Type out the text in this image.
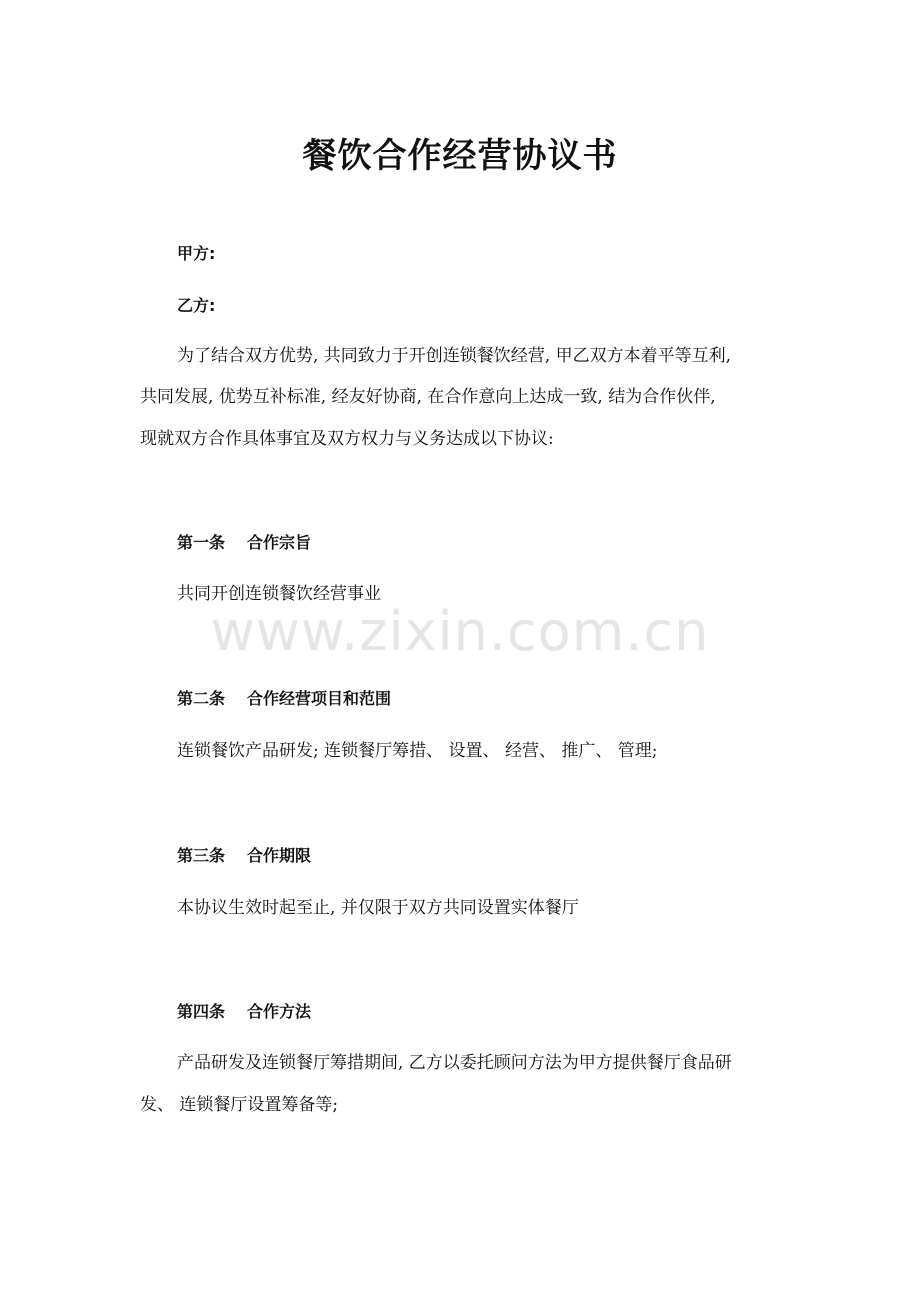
餐饮合作经营协议书
甲方:
乙方:
为了结合双方优势, 共同致力于开创连锁餐饮经营, 甲乙双方本着平等互利,
共同发展, 优势互补标准, 经友好协商, 在合作意向上达成一致, 结为合作伙伴,
现就双方合作具体事宜及双方权力与义务达成以下协议:
第一条 合作宗旨
共同开创连锁餐饮经营事业
www.zixin.com.cn
第二条 合作经营项目和范围
连锁餐饮产品研发; 连锁餐厅筹措、 设置、 经营、 推广、 管理;
第三条 合作期限
本协议生效时起至止, 并仅限于双方共同设置实体餐厅
第四条 合作方法
产品研发及连锁餐厅筹措期间, 乙方以委托顾问方法为甲方提供餐厅食品研
发、 连锁餐厅设置筹备等;
